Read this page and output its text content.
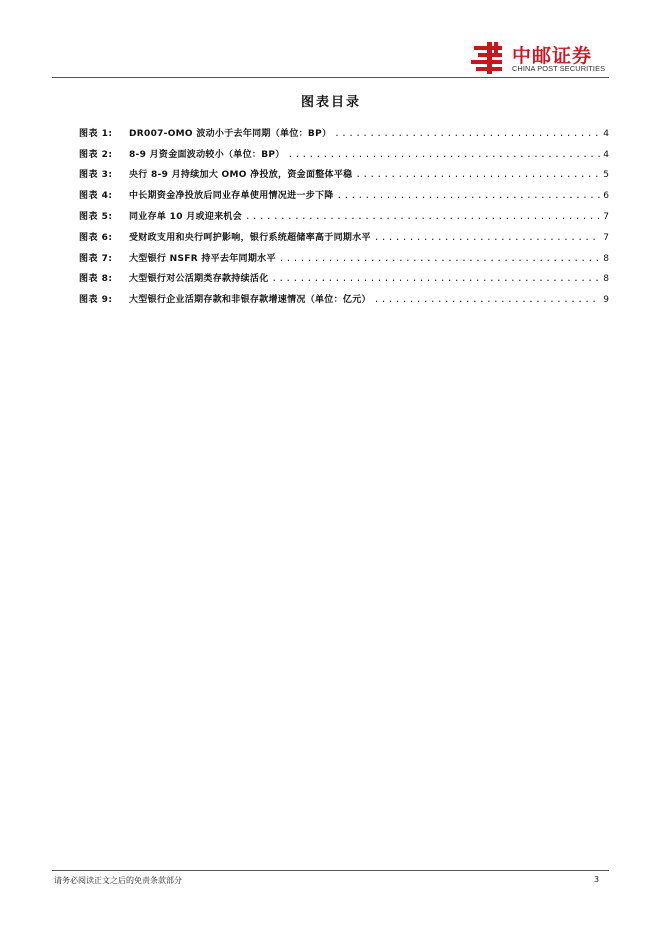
中邮证券
CHINA POST SECURITIES
图表目录
图表 1:	DR007-OMO 波动小于去年同期（单位：BP） .....	4
图表 2:	8-9 月资金面波动较小（单位：BP） .....	4
图表 3:	央行 8-9 月持续加大 OMO 净投放，资金面整体平稳 .....	5
图表 4:	中长期资金净投放后同业存单使用情况进一步下降 .....	6
图表 5:	同业存单 10 月或迎来机会 .....	7
图表 6:	受财政支用和央行呵护影响，银行系统超储率高于同期水平 .....	7
图表 7:	大型银行 NSFR 持平去年同期水平 .....	8
图表 8:	大型银行对公活期类存款持续活化 .....	8
图表 9:	大型银行企业活期存款和非银存款增速情况（单位：亿元） .....	9
请务必阅读正文之后的免责条款部分	3
